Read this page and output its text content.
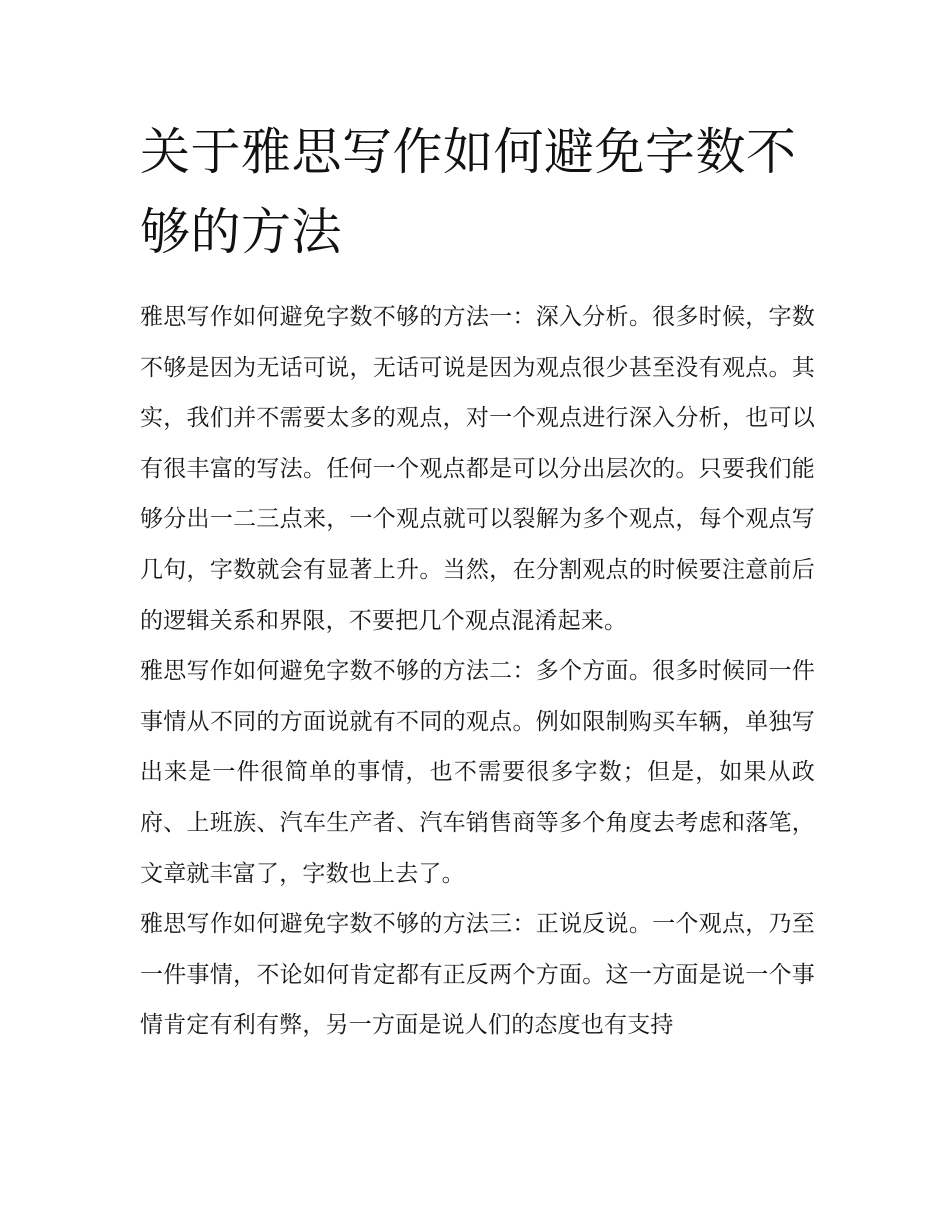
关于雅思写作如何避免字数不够的方法

雅思写作如何避免字数不够的方法一：深入分析。很多时候，字数不够是因为无话可说，无话可说是因为观点很少甚至没有观点。其实，我们并不需要太多的观点，对一个观点进行深入分析，也可以有很丰富的写法。任何一个观点都是可以分出层次的。只要我们能够分出一二三点来，一个观点就可以裂解为多个观点，每个观点写几句，字数就会有显著上升。当然，在分割观点的时候要注意前后的逻辑关系和界限，不要把几个观点混淆起来。

雅思写作如何避免字数不够的方法二：多个方面。很多时候同一件事情从不同的方面说就有不同的观点。例如限制购买车辆，单独写出来是一件很简单的事情，也不需要很多字数；但是，如果从政府、上班族、汽车生产者、汽车销售商等多个角度去考虑和落笔，文章就丰富了，字数也上去了。

雅思写作如何避免字数不够的方法三：正说反说。一个观点，乃至一件事情，不论如何肯定都有正反两个方面。这一方面是说一个事情肯定有利有弊，另一方面是说人们的态度也有支持
